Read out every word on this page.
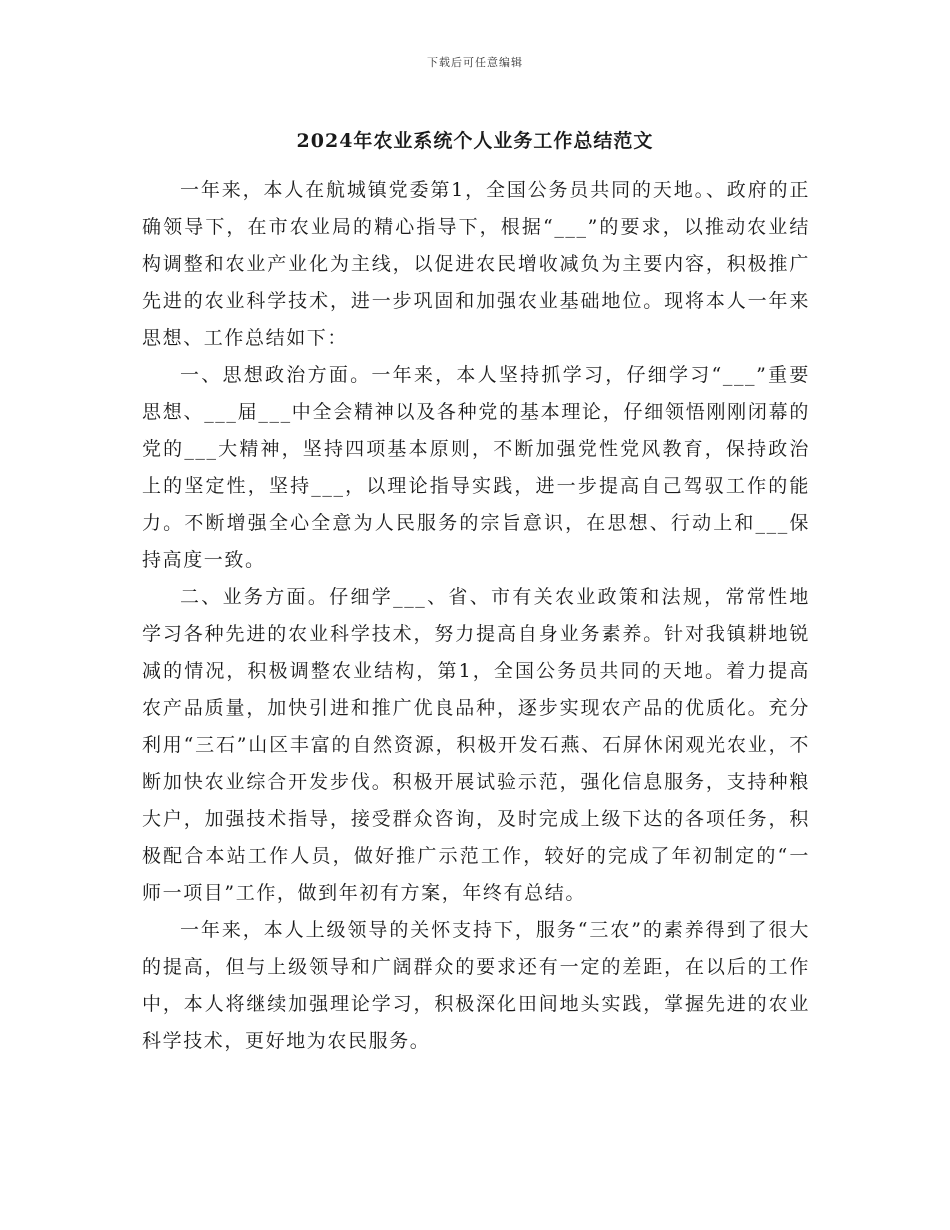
下载后可任意编辑
2024年农业系统个人业务工作总结范文

一年来，本人在航城镇党委第1，全国公务员共同的天地。、政府的正确领导下，在市农业局的精心指导下，根据“___”的要求，以推动农业结构调整和农业产业化为主线，以促进农民增收减负为主要内容，积极推广先进的农业科学技术，进一步巩固和加强农业基础地位。现将本人一年来思想、工作总结如下：

一、思想政治方面。一年来，本人坚持抓学习，仔细学习“___”重要思想、___届___中全会精神以及各种党的基本理论，仔细领悟刚刚闭幕的党的___大精神，坚持四项基本原则，不断加强党性党风教育，保持政治上的坚定性，坚持___，以理论指导实践，进一步提高自己驾驭工作的能力。不断增强全心全意为人民服务的宗旨意识，在思想、行动上和___保持高度一致。

二、业务方面。仔细学___、省、市有关农业政策和法规，常常性地学习各种先进的农业科学技术，努力提高自身业务素养。针对我镇耕地锐减的情况，积极调整农业结构，第1，全国公务员共同的天地。着力提高农产品质量，加快引进和推广优良品种，逐步实现农产品的优质化。充分利用“三石”山区丰富的自然资源，积极开发石燕、石屏休闲观光农业，不断加快农业综合开发步伐。积极开展试验示范，强化信息服务，支持种粮大户，加强技术指导，接受群众咨询，及时完成上级下达的各项任务，积极配合本站工作人员，做好推广示范工作，较好的完成了年初制定的“一师一项目”工作，做到年初有方案，年终有总结。

一年来，本人上级领导的关怀支持下，服务“三农”的素养得到了很大的提高，但与上级领导和广阔群众的要求还有一定的差距，在以后的工作中，本人将继续加强理论学习，积极深化田间地头实践，掌握先进的农业科学技术，更好地为农民服务。
